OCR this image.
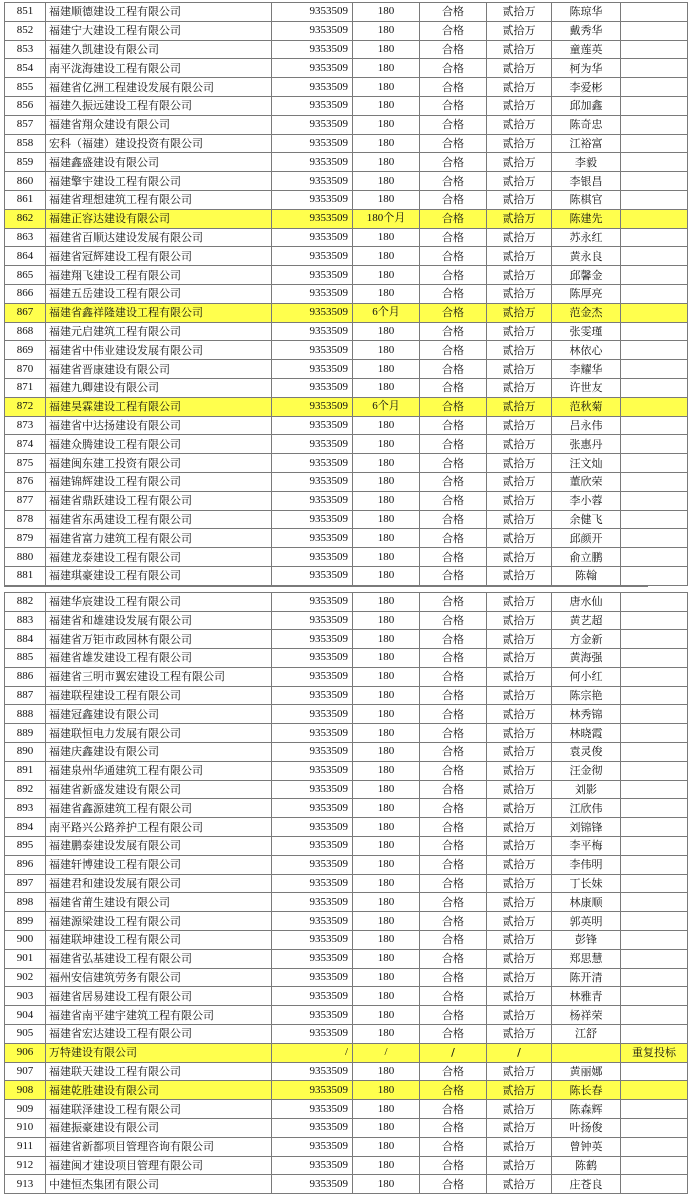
851	福建顺德建设工程有限公司	9353509	180	合格	贰拾万	陈琼华	
852	福建宁大建设工程有限公司	9353509	180	合格	贰拾万	戴秀华	
853	福建久凯建设有限公司	9353509	180	合格	贰拾万	童莲英	
854	南平泷海建设工程有限公司	9353509	180	合格	贰拾万	柯为华	
855	福建省亿洲工程建设发展有限公司	9353509	180	合格	贰拾万	李爱彬	
856	福建久振远建设工程有限公司	9353509	180	合格	贰拾万	邱加鑫	
857	福建省翔众建设有限公司	9353509	180	合格	贰拾万	陈奇忠	
858	宏科（福建）建设投资有限公司	9353509	180	合格	贰拾万	江裕富	
859	福建鑫盛建设有限公司	9353509	180	合格	贰拾万	李毅	
860	福建擎宇建设工程有限公司	9353509	180	合格	贰拾万	李银昌	
861	福建省理想建筑工程有限公司	9353509	180	合格	贰拾万	陈棋官	
862	福建正容达建设有限公司	9353509	180个月	合格	贰拾万	陈建先	
863	福建省百顺达建设发展有限公司	9353509	180	合格	贰拾万	苏永红	
864	福建省冠辉建设工程有限公司	9353509	180	合格	贰拾万	黄永良	
865	福建翔飞建设工程有限公司	9353509	180	合格	贰拾万	邱馨金	
866	福建五岳建设工程有限公司	9353509	180	合格	贰拾万	陈厚亮	
867	福建省鑫祥隆建设工程有限公司	9353509	6个月	合格	贰拾万	范金杰	
868	福建元启建筑工程有限公司	9353509	180	合格	贰拾万	张雯瑾	
869	福建省中伟业建设发展有限公司	9353509	180	合格	贰拾万	林依心	
870	福建省晋康建设有限公司	9353509	180	合格	贰拾万	李耀华	
871	福建九卿建设有限公司	9353509	180	合格	贰拾万	许世友	
872	福建昊霖建设工程有限公司	9353509	6个月	合格	贰拾万	范秋菊	
873	福建省中达扬建设有限公司	9353509	180	合格	贰拾万	吕永伟	
874	福建众腾建设工程有限公司	9353509	180	合格	贰拾万	张惠丹	
875	福建闽东建工投资有限公司	9353509	180	合格	贰拾万	汪文灿	
876	福建锦辉建设工程有限公司	9353509	180	合格	贰拾万	董欣荣	
877	福建省鼎跃建设工程有限公司	9353509	180	合格	贰拾万	李小蓉	
878	福建省东禹建设工程有限公司	9353509	180	合格	贰拾万	余健飞	
879	福建省富力建筑工程有限公司	9353509	180	合格	贰拾万	邱颜开	
880	福建龙泰建设工程有限公司	9353509	180	合格	贰拾万	俞立鹏	
881	福建琪豪建设工程有限公司	9353509	180	合格	贰拾万	陈翰	
882	福建华宸建设工程有限公司	9353509	180	合格	贰拾万	唐水仙	
883	福建省和雄建设发展有限公司	9353509	180	合格	贰拾万	黄艺超	
884	福建省万钜市政园林有限公司	9353509	180	合格	贰拾万	方金新	
885	福建省雄发建设工程有限公司	9353509	180	合格	贰拾万	黄海强	
886	福建省三明市翼宏建设工程有限公司	9353509	180	合格	贰拾万	何小红	
887	福建联程建设工程有限公司	9353509	180	合格	贰拾万	陈宗艳	
888	福建冠鑫建设有限公司	9353509	180	合格	贰拾万	林秀锦	
889	福建联恒电力发展有限公司	9353509	180	合格	贰拾万	林晓霞	
890	福建庆鑫建设有限公司	9353509	180	合格	贰拾万	袁灵俊	
891	福建泉州华通建筑工程有限公司	9353509	180	合格	贰拾万	汪金彻	
892	福建省新盛发建设有限公司	9353509	180	合格	贰拾万	刘影	
893	福建省鑫源建筑工程有限公司	9353509	180	合格	贰拾万	江欣伟	
894	南平路兴公路养护工程有限公司	9353509	180	合格	贰拾万	刘锦锋	
895	福建鹏泰建设发展有限公司	9353509	180	合格	贰拾万	李平梅	
896	福建轩博建设工程有限公司	9353509	180	合格	贰拾万	李伟明	
897	福建君和建设发展有限公司	9353509	180	合格	贰拾万	丁长妹	
898	福建省莆生建设有限公司	9353509	180	合格	贰拾万	林康顺	
899	福建源梁建设工程有限公司	9353509	180	合格	贰拾万	郭英明	
900	福建联坤建设工程有限公司	9353509	180	合格	贰拾万	彭锋	
901	福建省弘基建设工程有限公司	9353509	180	合格	贰拾万	郑思慧	
902	福州安信建筑劳务有限公司	9353509	180	合格	贰拾万	陈开清	
903	福建省居易建设工程有限公司	9353509	180	合格	贰拾万	林雅青	
904	福建省南平建宇建筑工程有限公司	9353509	180	合格	贰拾万	杨祥荣	
905	福建省宏达建设工程有限公司	9353509	180	合格	贰拾万	江舒	
906	万特建设有限公司	/	/	/	/		重复投标
907	福建联天建设工程有限公司	9353509	180	合格	贰拾万	黄丽娜	
908	福建乾胜建设有限公司	9353509	180	合格	贰拾万	陈长春	
909	福建联泽建设工程有限公司	9353509	180	合格	贰拾万	陈森辉	
910	福建振豪建设有限公司	9353509	180	合格	贰拾万	叶扬俊	
911	福建省新都项目管理咨询有限公司	9353509	180	合格	贰拾万	曾钟英	
912	福建闽才建设项目管理有限公司	9353509	180	合格	贰拾万	陈鹤	
913	中建恒杰集团有限公司	9353509	180	合格	贰拾万	庄苍良	
